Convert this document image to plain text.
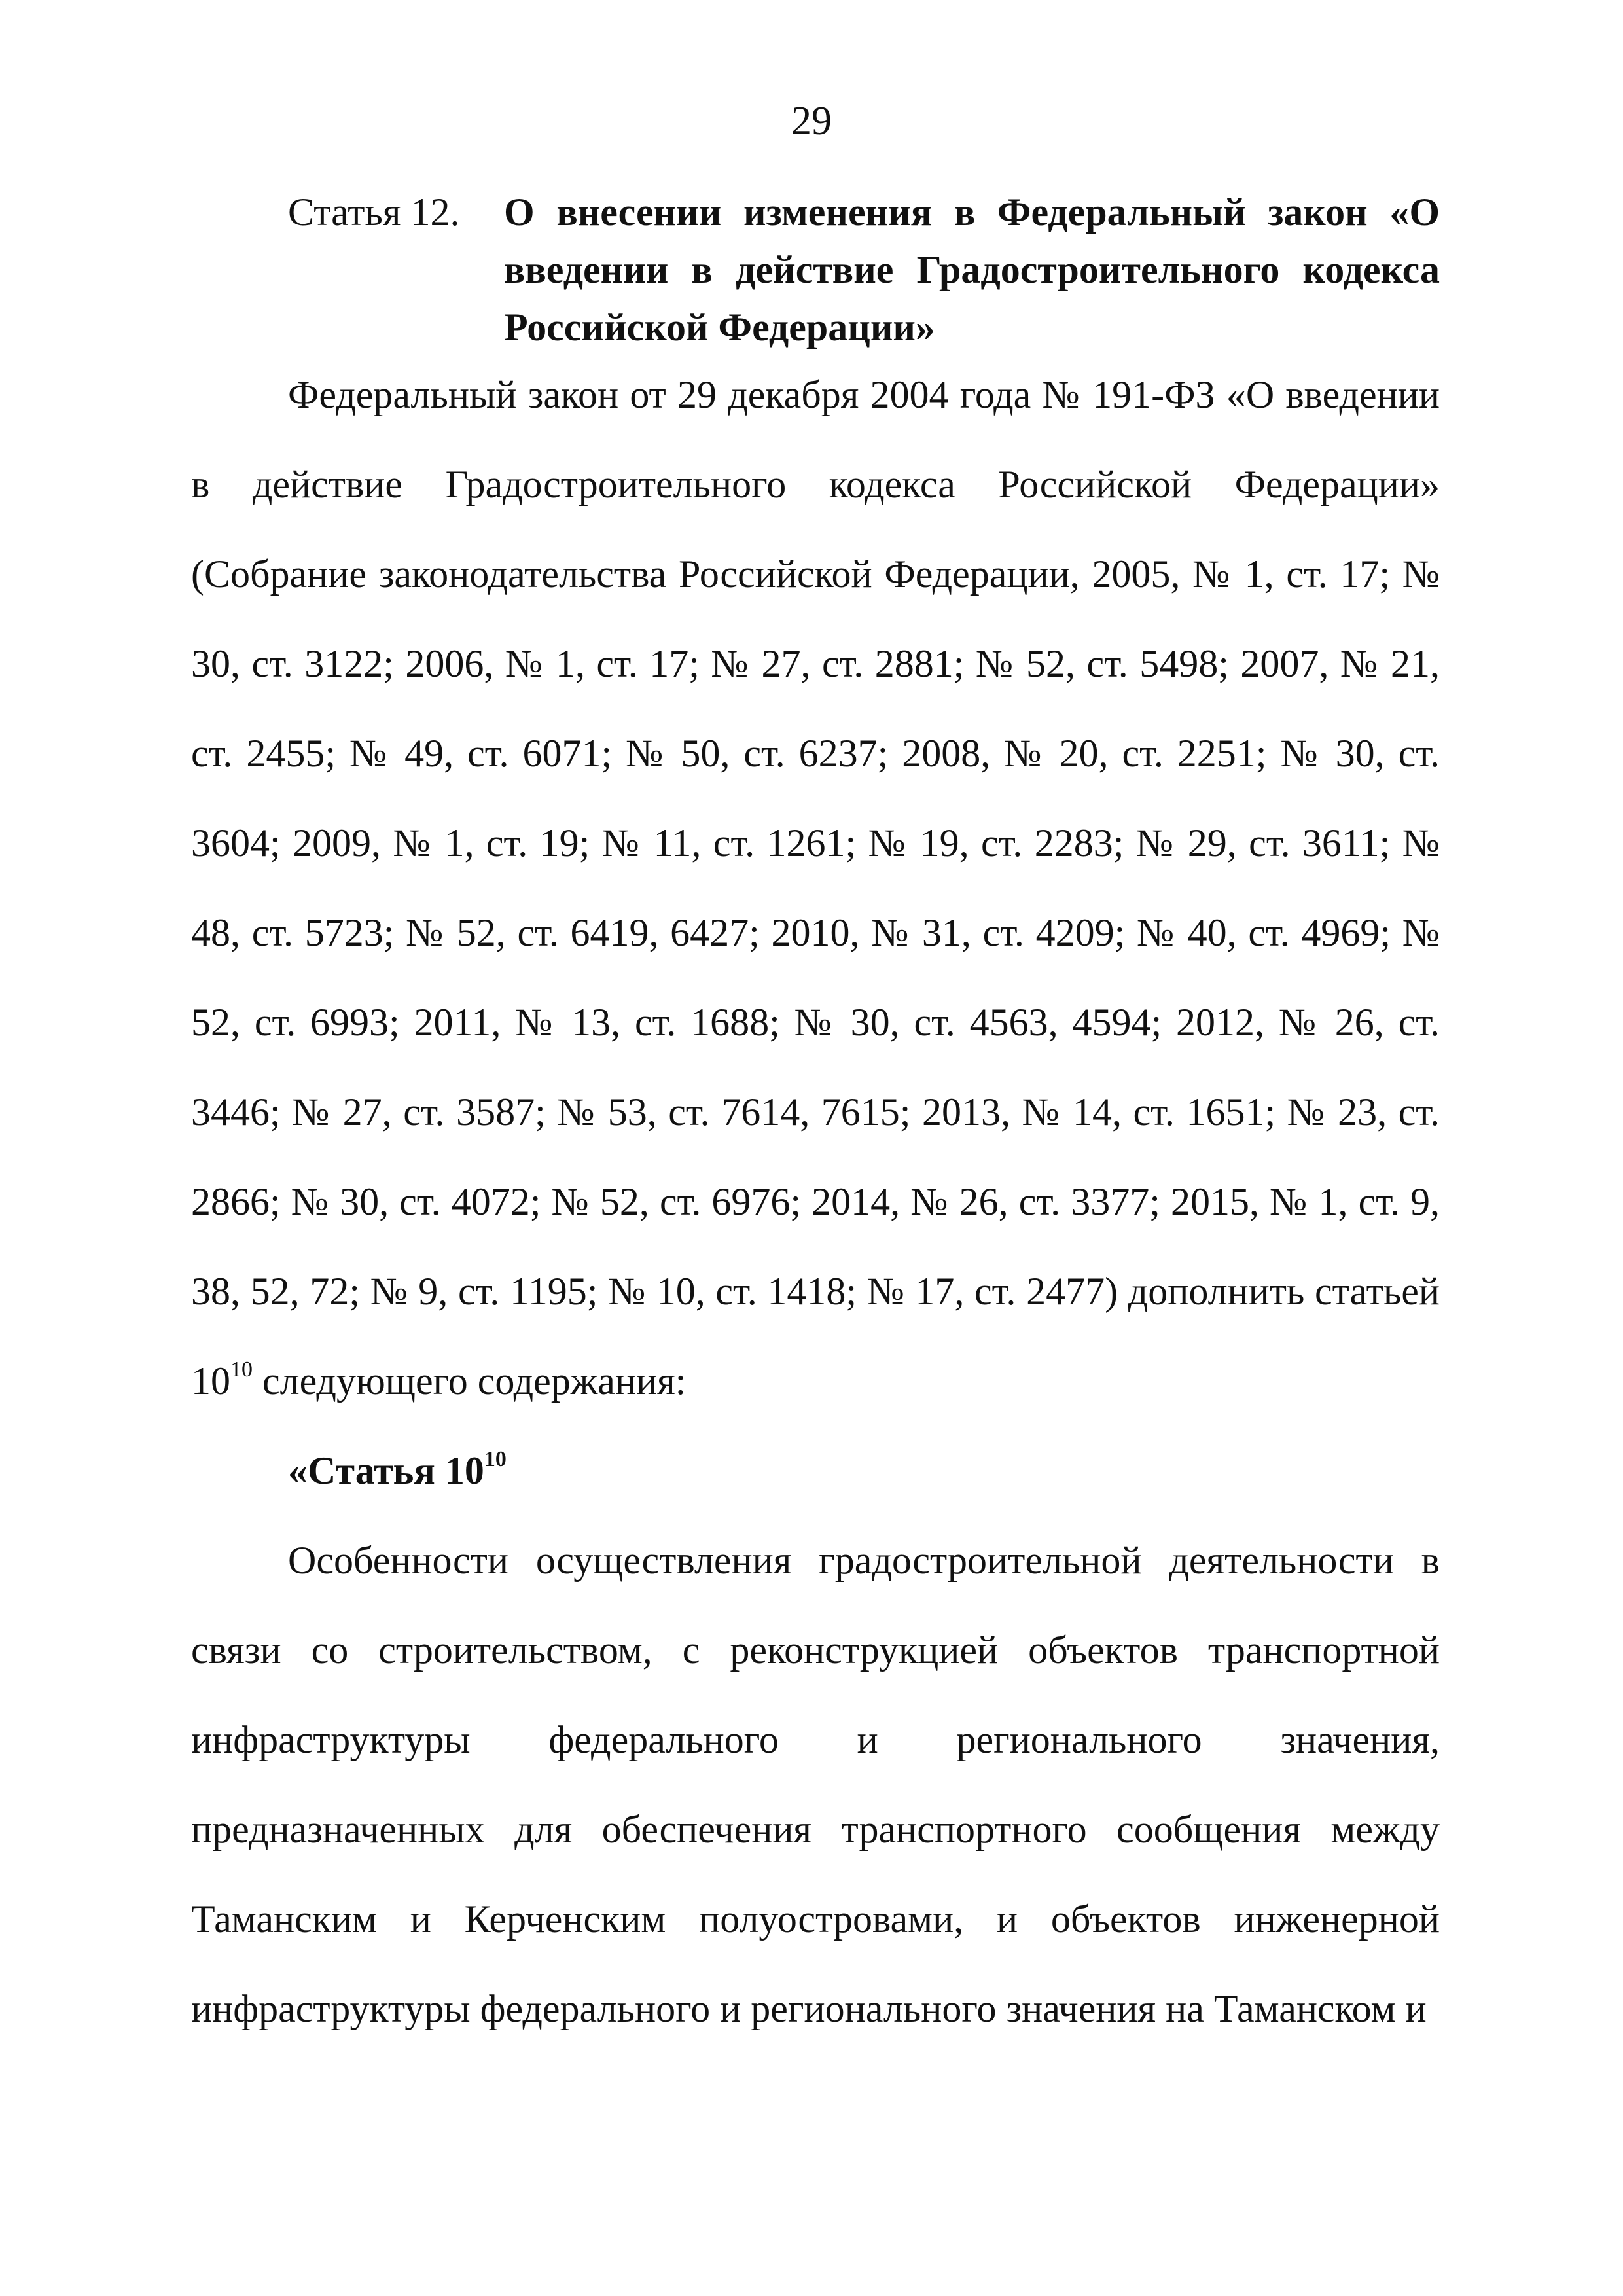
29
Статья 12. О внесении изменения в Федеральный закон «О введении в действие Градостроительного кодекса Российской Федерации»

Федеральный закон от 29 декабря 2004 года № 191-ФЗ «О введении в действие Градостроительного кодекса Российской Федерации» (Собрание законодательства Российской Федерации, 2005, № 1, ст. 17; № 30, ст. 3122; 2006, № 1, ст. 17; № 27, ст. 2881; № 52, ст. 5498; 2007, № 21, ст. 2455; № 49, ст. 6071; № 50, ст. 6237; 2008, № 20, ст. 2251; № 30, ст. 3604; 2009, № 1, ст. 19; № 11, ст. 1261; № 19, ст. 2283; № 29, ст. 3611; № 48, ст. 5723; № 52, ст. 6419, 6427; 2010, № 31, ст. 4209; № 40, ст. 4969; № 52, ст. 6993; 2011, № 13, ст. 1688; № 30, ст. 4563, 4594; 2012, № 26, ст. 3446; № 27, ст. 3587; № 53, ст. 7614, 7615; 2013, № 14, ст. 1651; № 23, ст. 2866; № 30, ст. 4072; № 52, ст. 6976; 2014, № 26, ст. 3377; 2015, № 1, ст. 9, 38, 52, 72; № 9, ст. 1195; № 10, ст. 1418; № 17, ст. 2477) дополнить статьей $10^{10}$ следующего содержания:

«Статья $10^{10}$

Особенности осуществления градостроительной деятельности в связи со строительством, с реконструкцией объектов транспортной инфраструктуры федерального и регионального значения, предназначенных для обеспечения транспортного сообщения между Таманским и Керченским полуостровами, и объектов инженерной инфраструктуры федерального и регионального значения на Таманском и
